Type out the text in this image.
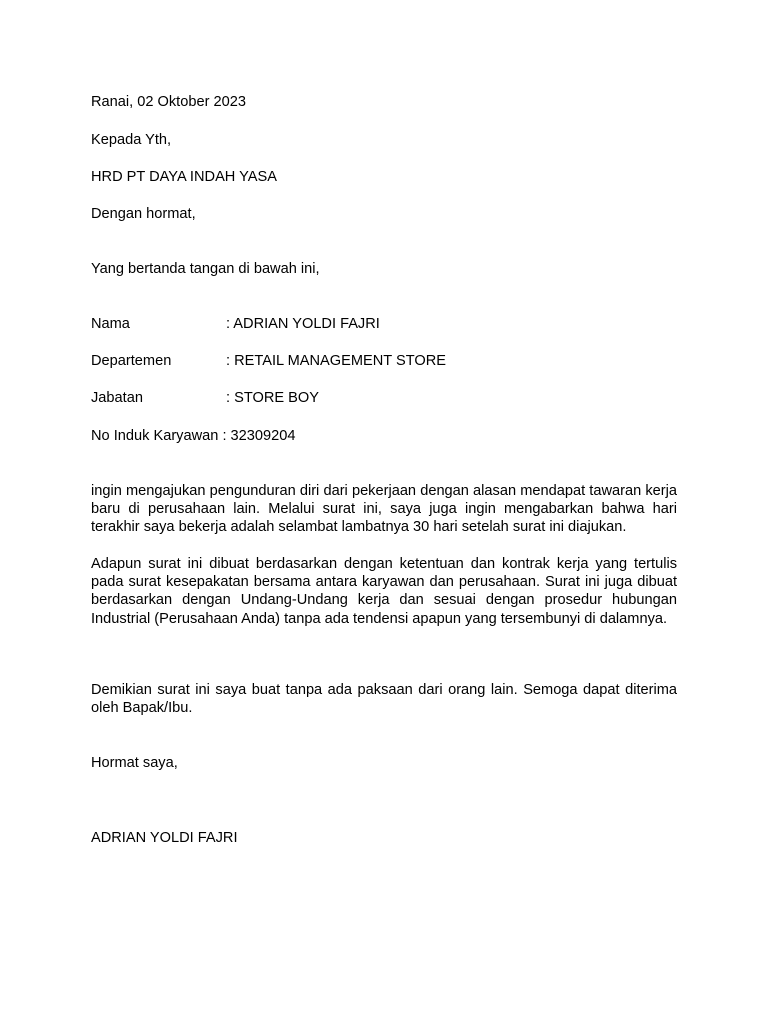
Ranai, 02 Oktober 2023
Kepada Yth,
HRD PT DAYA INDAH YASA
Dengan hormat,
Yang bertanda tangan di bawah ini,
Nama	: ADRIAN YOLDI FAJRI
Departemen	: RETAIL MANAGEMENT STORE
Jabatan	: STORE BOY
No Induk Karyawan : 32309204
ingin mengajukan pengunduran diri dari pekerjaan dengan alasan mendapat tawaran kerja baru di perusahaan lain. Melalui surat ini, saya juga ingin mengabarkan bahwa hari terakhir saya bekerja adalah selambat lambatnya 30 hari setelah surat ini diajukan.
Adapun surat ini dibuat berdasarkan dengan ketentuan dan kontrak kerja yang tertulis pada surat kesepakatan bersama antara karyawan dan perusahaan. Surat ini juga dibuat berdasarkan dengan Undang-Undang kerja dan sesuai dengan prosedur hubungan Industrial (Perusahaan Anda) tanpa ada tendensi apapun yang tersembunyi di dalamnya.
Demikian surat ini saya buat tanpa ada paksaan dari orang lain. Semoga dapat diterima oleh Bapak/Ibu.
Hormat saya,
ADRIAN YOLDI FAJRI
